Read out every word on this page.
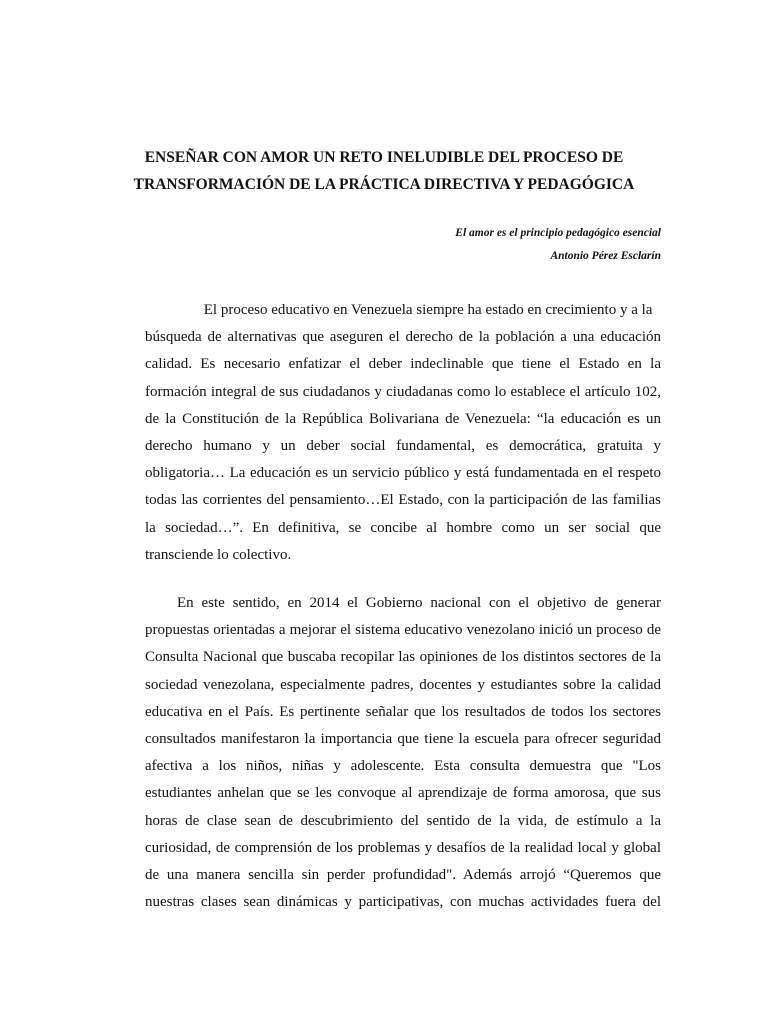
ENSEÑAR CON AMOR UN RETO INELUDIBLE DEL PROCESO DE
TRANSFORMACIÓN DE LA PRÁCTICA DIRECTIVA Y PEDAGÓGICA
El amor es el principio pedagógico esencial
Antonio Pérez Esclarín
El proceso educativo en Venezuela siempre ha estado en crecimiento y a la
búsqueda de alternativas que aseguren el derecho de la población a una educación
calidad. Es necesario enfatizar el deber indeclinable que tiene el Estado en la
formación integral de sus ciudadanos y ciudadanas como lo establece el artículo 102,
de la Constitución de la República Bolivariana de Venezuela: “la educación es un
derecho humano y un deber social fundamental, es democrática, gratuita y
obligatoria… La educación es un servicio público y está fundamentada en el respeto
todas las corrientes del pensamiento…El Estado, con la participación de las familias
la sociedad…”. En definitiva, se concibe al hombre como un ser social que
transciende lo colectivo.
En este sentido, en 2014 el Gobierno nacional con el objetivo de generar
propuestas orientadas a mejorar el sistema educativo venezolano inició un proceso de
Consulta Nacional que buscaba recopilar las opiniones de los distintos sectores de la
sociedad venezolana, especialmente padres, docentes y estudiantes sobre la calidad
educativa en el País. Es pertinente señalar que los resultados de todos los sectores
consultados manifestaron la importancia que tiene la escuela para ofrecer seguridad
afectiva a los niños, niñas y adolescente. Esta consulta demuestra que "Los
estudiantes anhelan que se les convoque al aprendizaje de forma amorosa, que sus
horas de clase sean de descubrimiento del sentido de la vida, de estímulo a la
curiosidad, de comprensión de los problemas y desafíos de la realidad local y global
de una manera sencilla sin perder profundidad". Además arrojó “Queremos que
nuestras clases sean dinámicas y participativas, con muchas actividades fuera del
